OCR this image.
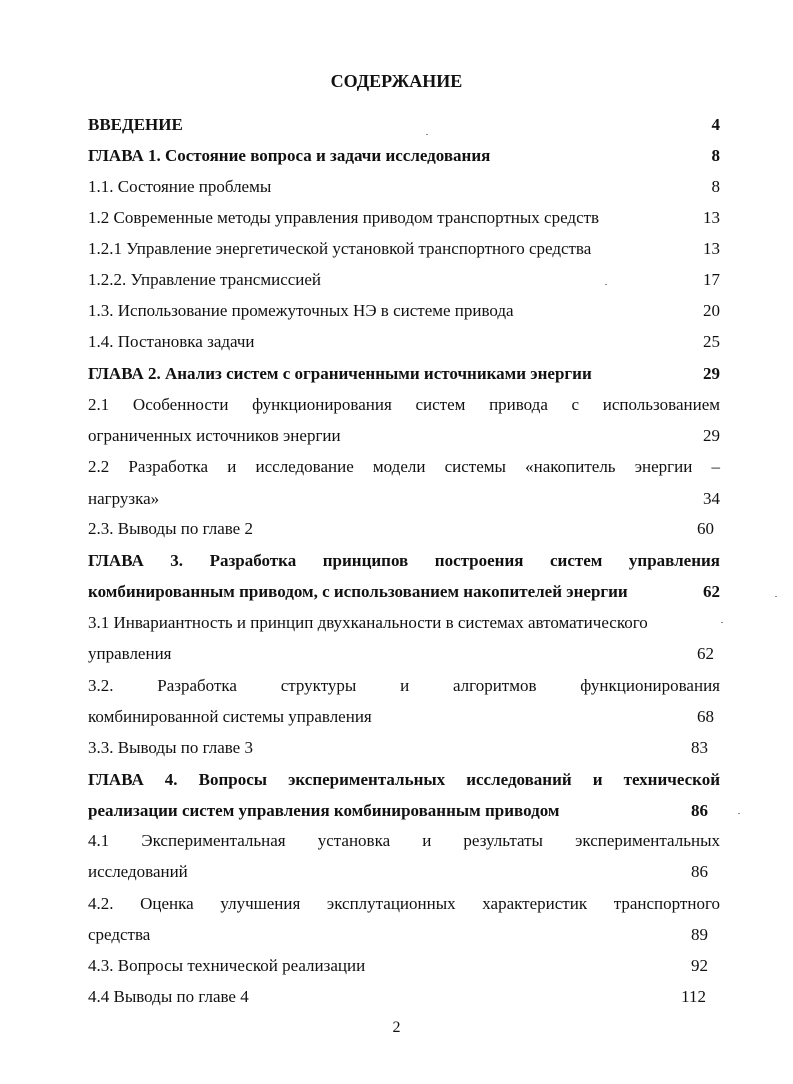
СОДЕРЖАНИЕ
ВВЕДЕНИЕ	4
ГЛАВА 1. Состояние вопроса и задачи исследования	8
1.1. Состояние проблемы	8
1.2 Современные методы управления приводом транспортных средств	13
1.2.1 Управление энергетической установкой транспортного средства	13
1.2.2. Управление трансмиссией	17
1.3. Использование промежуточных НЭ в системе привода	20
1.4. Постановка задачи	25
ГЛАВА 2. Анализ систем с ограниченными источниками энергии	29
2.1 Особенности функционирования систем привода с использованием
ограниченных источников энергии	29
2.2 Разработка и исследование модели системы «накопитель энергии –
нагрузка»	34
2.3. Выводы по главе 2	60
ГЛАВА 3. Разработка принципов построения систем управления
комбинированным приводом, с использованием накопителей энергии	62
3.1 Инвариантность и принцип двухканальности в системах автоматического
управления	62
3.2. Разработка структуры и алгоритмов функционирования
комбинированной системы управления	68
3.3. Выводы по главе 3	83
ГЛАВА 4. Вопросы экспериментальных исследований и технической
реализации систем управления комбинированным приводом	86
4.1 Экспериментальная установка и результаты экспериментальных
исследований	86
4.2. Оценка улучшения эксплутационных характеристик транспортного
средства	89
4.3. Вопросы технической реализации	92
4.4 Выводы по главе 4	112
2
